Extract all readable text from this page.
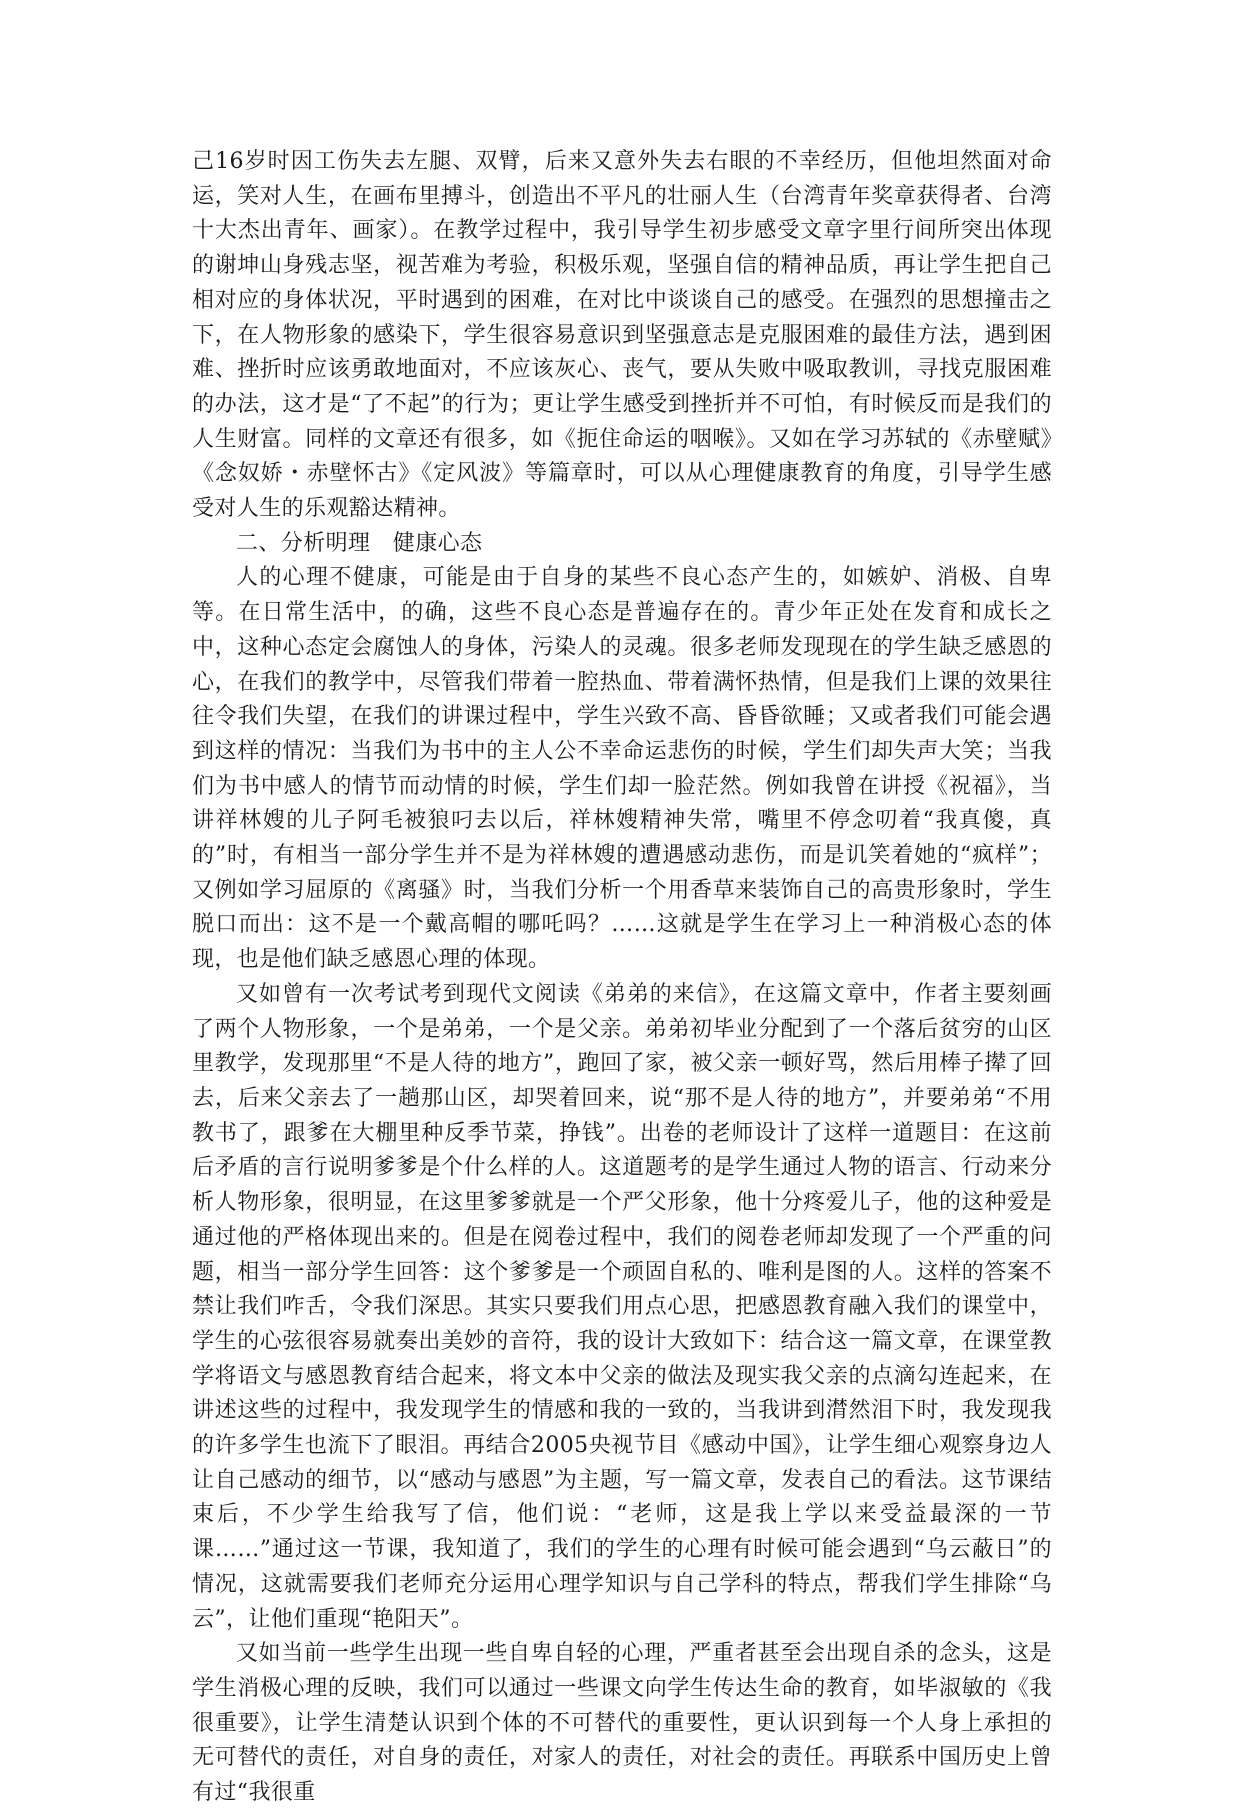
己16岁时因工伤失去左腿、双臂，后来又意外失去右眼的不幸经历，但他坦然面对命运，笑对人生，在画布里搏斗，创造出不平凡的壮丽人生（台湾青年奖章获得者、台湾十大杰出青年、画家）。在教学过程中，我引导学生初步感受文章字里行间所突出体现的谢坤山身残志坚，视苦难为考验，积极乐观，坚强自信的精神品质，再让学生把自己相对应的身体状况，平时遇到的困难，在对比中谈谈自己的感受。在强烈的思想撞击之下，在人物形象的感染下，学生很容易意识到坚强意志是克服困难的最佳方法，遇到困难、挫折时应该勇敢地面对，不应该灰心、丧气，要从失败中吸取教训，寻找克服困难的办法，这才是“了不起”的行为；更让学生感受到挫折并不可怕，有时候反而是我们的人生财富。同样的文章还有很多，如《扼住命运的咽喉》。又如在学习苏轼的《赤壁赋》《念奴娇・赤壁怀古》《定风波》等篇章时，可以从心理健康教育的角度，引导学生感受对人生的乐观豁达精神。

二、分析明理　健康心态

人的心理不健康，可能是由于自身的某些不良心态产生的，如嫉妒、消极、自卑等。在日常生活中，的确，这些不良心态是普遍存在的。青少年正处在发育和成长之中，这种心态定会腐蚀人的身体，污染人的灵魂。很多老师发现现在的学生缺乏感恩的心，在我们的教学中，尽管我们带着一腔热血、带着满怀热情，但是我们上课的效果往往令我们失望，在我们的讲课过程中，学生兴致不高、昏昏欲睡；又或者我们可能会遇到这样的情况：当我们为书中的主人公不幸命运悲伤的时候，学生们却失声大笑；当我们为书中感人的情节而动情的时候，学生们却一脸茫然。例如我曾在讲授《祝福》，当讲祥林嫂的儿子阿毛被狼叼去以后，祥林嫂精神失常，嘴里不停念叨着“我真傻，真的”时，有相当一部分学生并不是为祥林嫂的遭遇感动悲伤，而是讥笑着她的“疯样”；又例如学习屈原的《离骚》时，当我们分析一个用香草来装饰自己的高贵形象时，学生脱口而出：这不是一个戴高帽的哪吒吗？……这就是学生在学习上一种消极心态的体现，也是他们缺乏感恩心理的体现。

又如曾有一次考试考到现代文阅读《弟弟的来信》，在这篇文章中，作者主要刻画了两个人物形象，一个是弟弟，一个是父亲。弟弟初毕业分配到了一个落后贫穷的山区里教学，发现那里“不是人待的地方”，跑回了家，被父亲一顿好骂，然后用棒子撵了回去，后来父亲去了一趟那山区，却哭着回来，说“那不是人待的地方”，并要弟弟“不用教书了，跟爹在大棚里种反季节菜，挣钱”。出卷的老师设计了这样一道题目：在这前后矛盾的言行说明爹爹是个什么样的人。这道题考的是学生通过人物的语言、行动来分析人物形象，很明显，在这里爹爹就是一个严父形象，他十分疼爱儿子，他的这种爱是通过他的严格体现出来的。但是在阅卷过程中，我们的阅卷老师却发现了一个严重的问题，相当一部分学生回答：这个爹爹是一个顽固自私的、唯利是图的人。这样的答案不禁让我们咋舌，令我们深思。其实只要我们用点心思，把感恩教育融入我们的课堂中，学生的心弦很容易就奏出美妙的音符，我的设计大致如下：结合这一篇文章，在课堂教学将语文与感恩教育结合起来，将文本中父亲的做法及现实我父亲的点滴勾连起来，在讲述这些的过程中，我发现学生的情感和我的一致的，当我讲到潸然泪下时，我发现我的许多学生也流下了眼泪。再结合2005央视节目《感动中国》，让学生细心观察身边人让自己感动的细节，以“感动与感恩”为主题，写一篇文章，发表自己的看法。这节课结束后，不少学生给我写了信，他们说：“老师，这是我上学以来受益最深的一节课……”通过这一节课，我知道了，我们的学生的心理有时候可能会遇到“乌云蔽日”的情况，这就需要我们老师充分运用心理学知识与自己学科的特点，帮我们学生排除“乌云”，让他们重现“艳阳天”。

又如当前一些学生出现一些自卑自轻的心理，严重者甚至会出现自杀的念头，这是学生消极心理的反映，我们可以通过一些课文向学生传达生命的教育，如毕淑敏的《我很重要》，让学生清楚认识到个体的不可替代的重要性，更认识到每一个人身上承担的无可替代的责任，对自身的责任，对家人的责任，对社会的责任。再联系中国历史上曾有过“我很重
